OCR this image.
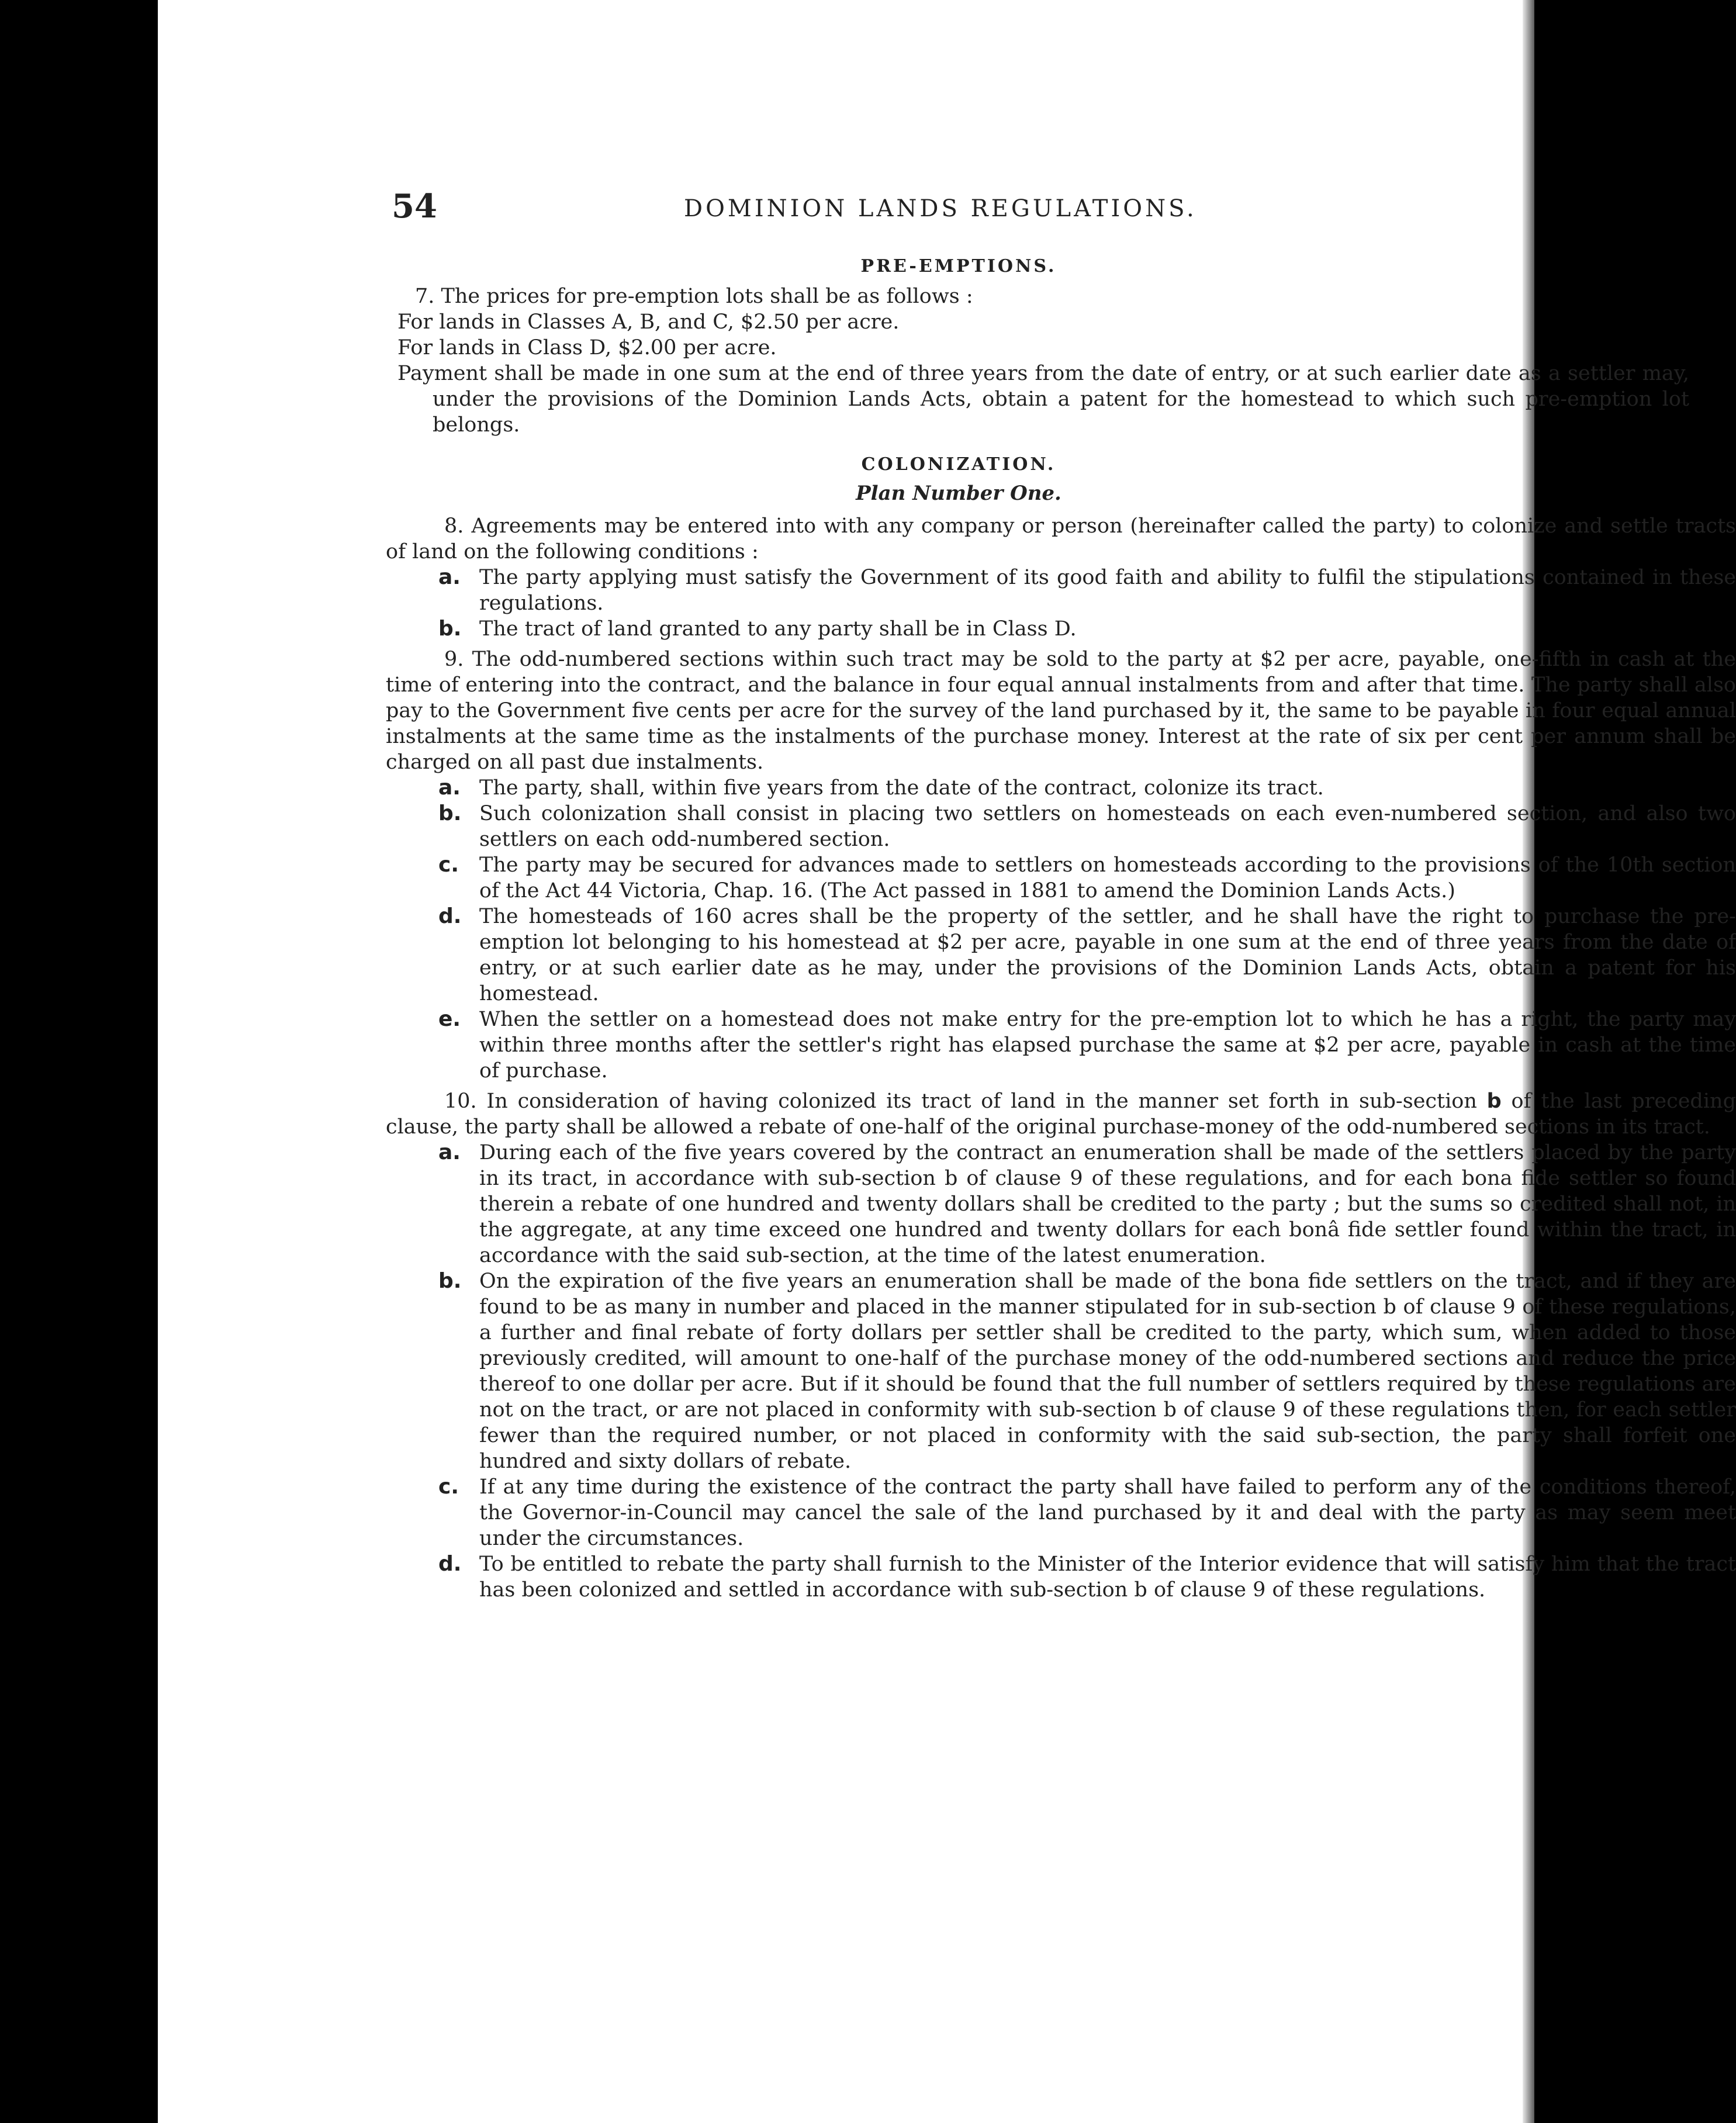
54	DOMINION LANDS REGULATIONS.
PRE-EMPTIONS.
7. The prices for pre-emption lots shall be as follows :
For lands in Classes A, B, and C, $2.50 per acre.
For lands in Class D, $2.00 per acre.

Payment shall be made in one sum at the end of three years from the date of entry, or at such earlier date as a settler may, under the provisions of the Dominion Lands Acts, obtain a patent for the homestead to which such pre-emption lot belongs.

COLONIZATION.
Plan Number One.

8. Agreements may be entered into with any company or person (hereinafter called the party) to colonize and settle tracts of land on the following conditions :

a. The party applying must satisfy the Government of its good faith and ability to fulfil the stipulations contained in these regulations.
b. The tract of land granted to any party shall be in Class D.

9. The odd-numbered sections within such tract may be sold to the party at $2 per acre, payable, one-fifth in cash at the time of entering into the contract, and the balance in four equal annual instalments from and after that time. The party shall also pay to the Government five cents per acre for the survey of the land purchased by it, the same to be payable in four equal annual instalments at the same time as the instalments of the purchase money. Interest at the rate of six per cent per annum shall be charged on all past due instalments.

a. The party, shall, within five years from the date of the contract, colonize its tract.
b. Such colonization shall consist in placing two settlers on homesteads on each even-numbered section, and also two settlers on each odd-numbered section.
c. The party may be secured for advances made to settlers on homesteads according to the provisions of the 10th section of the Act 44 Victoria, Chap. 16. (The Act passed in 1881 to amend the Dominion Lands Acts.)
d. The homesteads of 160 acres shall be the property of the settler, and he shall have the right to purchase the pre-emption lot belonging to his homestead at $2 per acre, payable in one sum at the end of three years from the date of entry, or at such earlier date as he may, under the provisions of the Dominion Lands Acts, obtain a patent for his homestead.
e. When the settler on a homestead does not make entry for the pre-emption lot to which he has a right, the party may within three months after the settler's right has elapsed purchase the same at $2 per acre, payable in cash at the time of purchase.

10. In consideration of having colonized its tract of land in the manner set forth in sub-section b of the last preceding clause, the party shall be allowed a rebate of one-half of the original purchase-money of the odd-numbered sections in its tract.

a. During each of the five years covered by the contract an enumeration shall be made of the settlers placed by the party in its tract, in accordance with sub-section b of clause 9 of these regulations, and for each bona fide settler so found therein a rebate of one hundred and twenty dollars shall be credited to the party ; but the sums so credited shall not, in the aggregate, at any time exceed one hundred and twenty dollars for each bonâ fide settler found within the tract, in accordance with the said sub-section, at the time of the latest enumeration.
b. On the expiration of the five years an enumeration shall be made of the bona fide settlers on the tract, and if they are found to be as many in number and placed in the manner stipulated for in sub-section b of clause 9 of these regulations, a further and final rebate of forty dollars per settler shall be credited to the party, which sum, when added to those previously credited, will amount to one-half of the purchase money of the odd-numbered sections and reduce the price thereof to one dollar per acre. But if it should be found that the full number of settlers required by these regulations are not on the tract, or are not placed in conformity with sub-section b of clause 9 of these regulations then, for each settler fewer than the required number, or not placed in conformity with the said sub-section, the party shall forfeit one hundred and sixty dollars of rebate.
c. If at any time during the existence of the contract the party shall have failed to perform any of the conditions thereof, the Governor-in-Council may cancel the sale of the land purchased by it and deal with the party as may seem meet under the circumstances.
d. To be entitled to rebate the party shall furnish to the Minister of the Interior evidence that will satisfy him that the tract has been colonized and settled in accordance with sub-section b of clause 9 of these regulations.
